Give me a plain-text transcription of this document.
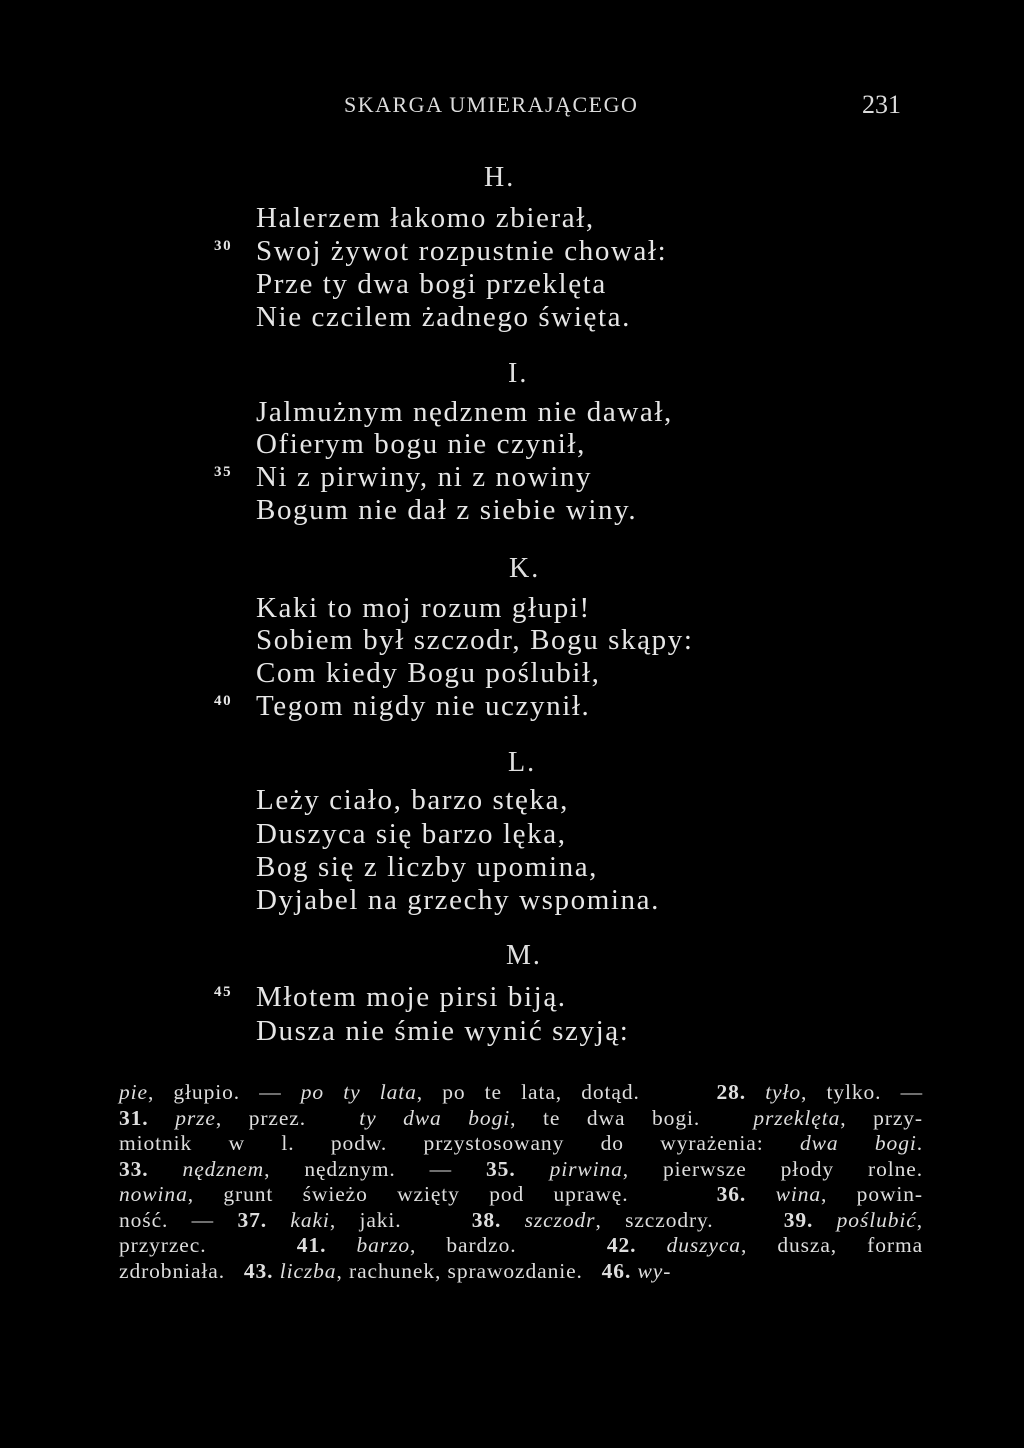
SKARGA UMIERAJĄCEGO	231
H.
Halerzem łakomo zbierał,
30 Swoj żywot rozpustnie chował:
Prze ty dwa bogi przeklęta
Nie czcilem żadnego święta.
I.
Jalmużnym nędznem nie dawał,
Ofierym bogu nie czynił,
35 Ni z pirwiny, ni z nowiny
Bogum nie dał z siebie winy.
K.
Kaki to moj rozum głupi!
Sobiem był szczodr, Bogu skąpy:
Com kiedy Bogu poślubił,
40 Tegom nigdy nie uczynił.
L.
Leży ciało, barzo stęka,
Duszyca się barzo lęka,
Bog się z liczby upomina,
Dyjabel na grzechy wspomina.
M.
45 Młotem moje pirsi biją.
Dusza nie śmie wynić szyją:
pie, głupio. — po ty lata, po te lata, dotąd.    28. tyło, tylko. —
31. prze, przez.  ty dwa bogi, te dwa bogi.  przeklęta, przy-
miotnik w l. podw. przystosowany do wyrażenia: dwa bogi.
33. nędznem, nędznym. — 35. pirwina, pierwsze płody rolne.
nowina, grunt świeżo wzięty pod uprawę.   36. wina, powin-
ność. — 37. kaki, jaki.   38. szczodr, szczodry.   39. poślubić,
przyrzec.   41. barzo, bardzo.   42. duszyca, dusza, forma
zdrobniała.   43. liczba, rachunek, sprawozdanie.   46. wy-
